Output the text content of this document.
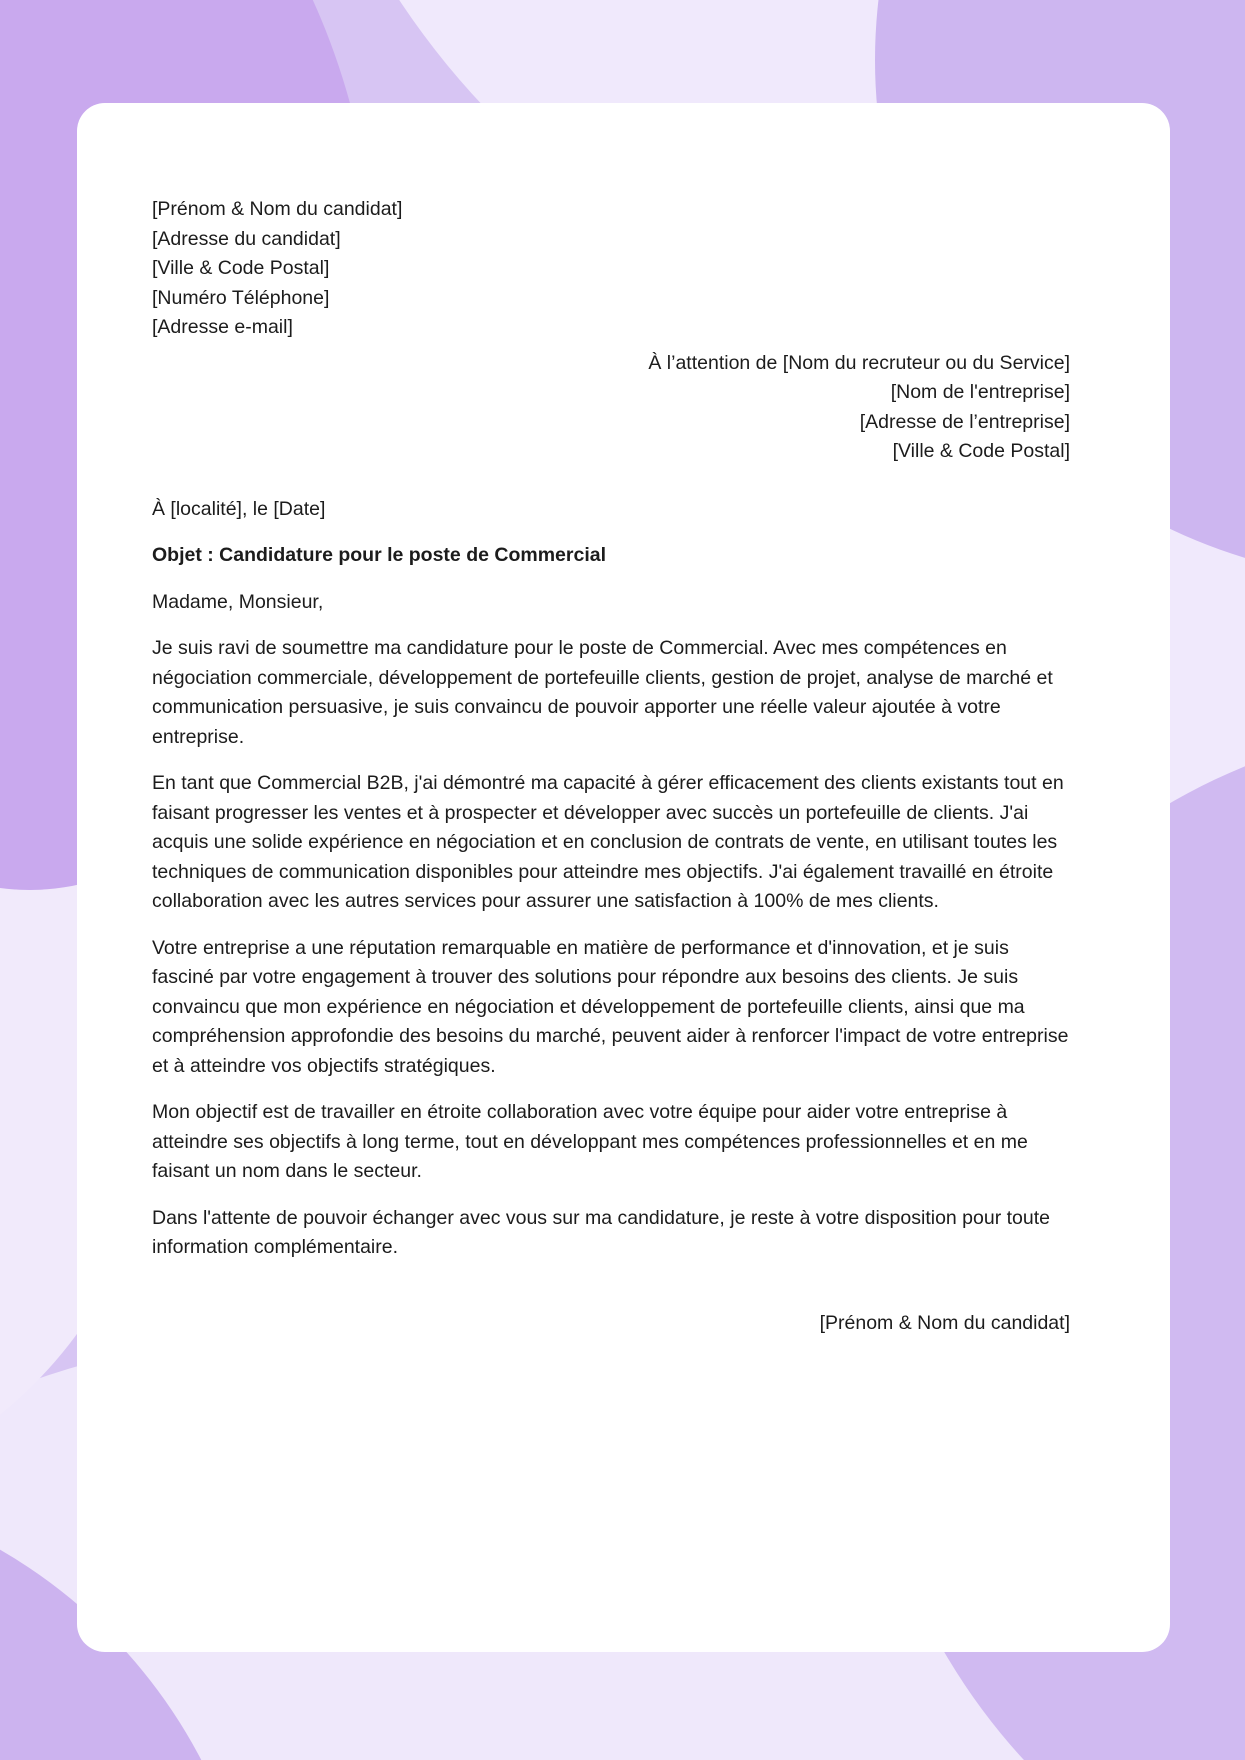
[Prénom & Nom du candidat]
[Adresse du candidat]
[Ville & Code Postal]
[Numéro Téléphone]
[Adresse e-mail]
À l’attention de [Nom du recruteur ou du Service]
[Nom de l'entreprise]
[Adresse de l’entreprise]
[Ville & Code Postal]
À [localité], le [Date]
Objet : Candidature pour le poste de Commercial
Madame, Monsieur,

Je suis ravi de soumettre ma candidature pour le poste de Commercial. Avec mes compétences en négociation commerciale, développement de portefeuille clients, gestion de projet, analyse de marché et communication persuasive, je suis convaincu de pouvoir apporter une réelle valeur ajoutée à votre entreprise.

En tant que Commercial B2B, j'ai démontré ma capacité à gérer efficacement des clients existants tout en faisant progresser les ventes et à prospecter et développer avec succès un portefeuille de clients. J'ai acquis une solide expérience en négociation et en conclusion de contrats de vente, en utilisant toutes les techniques de communication disponibles pour atteindre mes objectifs. J'ai également travaillé en étroite collaboration avec les autres services pour assurer une satisfaction à 100% de mes clients.

Votre entreprise a une réputation remarquable en matière de performance et d'innovation, et je suis fasciné par votre engagement à trouver des solutions pour répondre aux besoins des clients. Je suis convaincu que mon expérience en négociation et développement de portefeuille clients, ainsi que ma compréhension approfondie des besoins du marché, peuvent aider à renforcer l'impact de votre entreprise et à atteindre vos objectifs stratégiques.

Mon objectif est de travailler en étroite collaboration avec votre équipe pour aider votre entreprise à atteindre ses objectifs à long terme, tout en développant mes compétences professionnelles et en me faisant un nom dans le secteur.

Dans l'attente de pouvoir échanger avec vous sur ma candidature, je reste à votre disposition pour toute information complémentaire.

[Prénom & Nom du candidat]
